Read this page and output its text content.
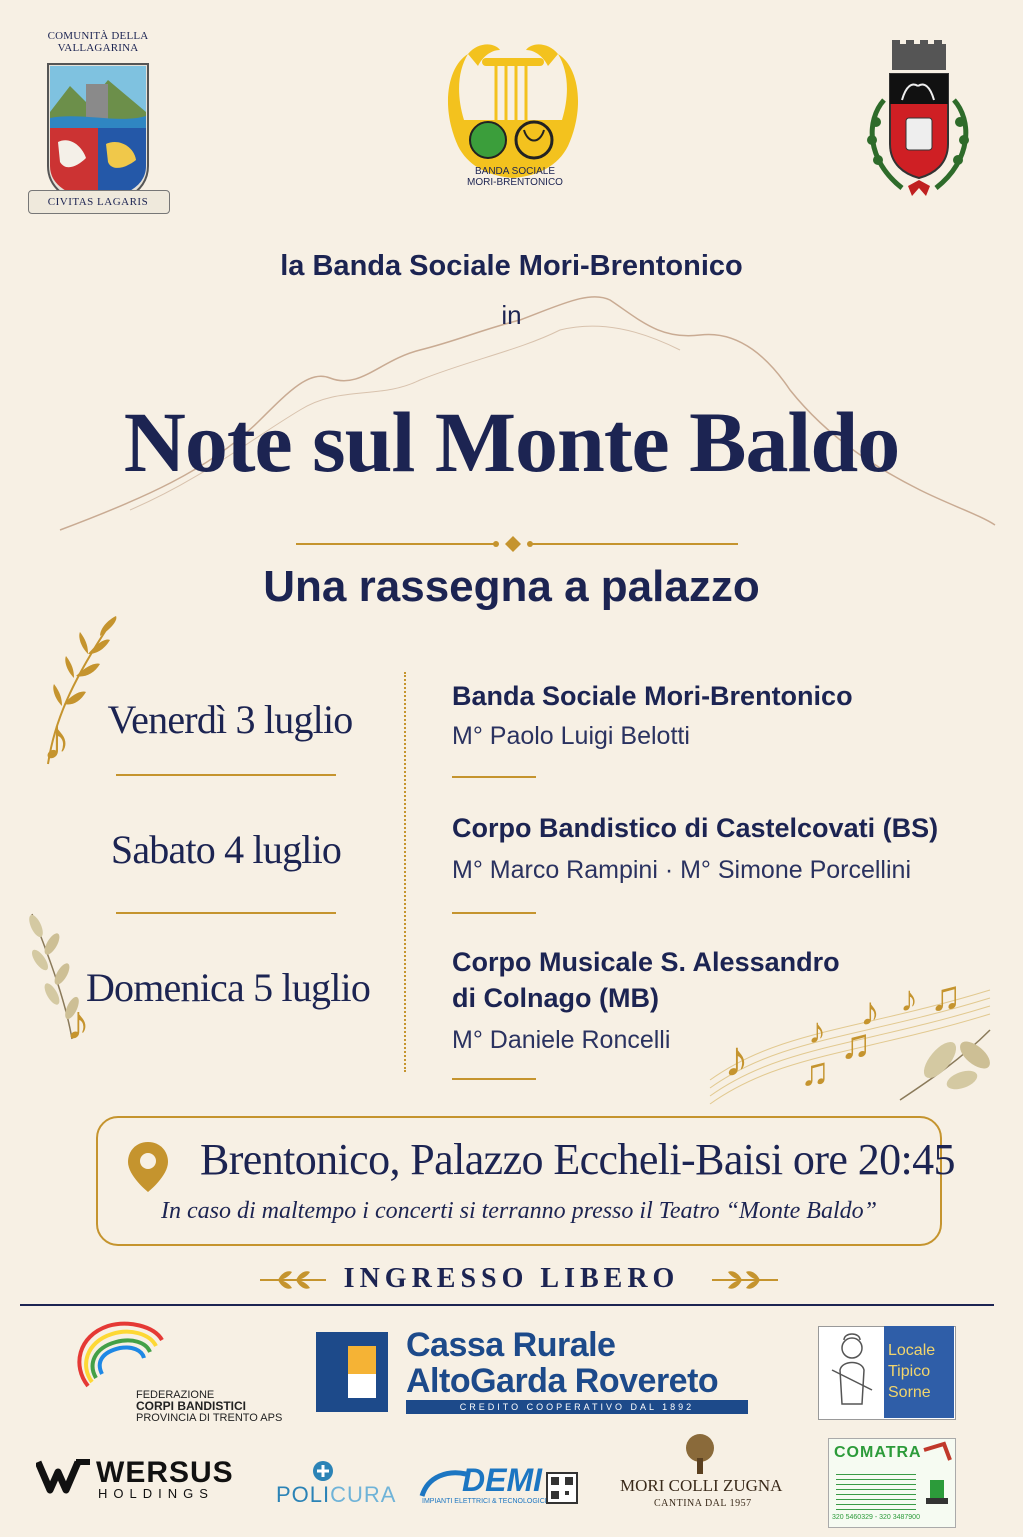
♪
♪
♪ ♫
♪ ♫
♪ ♪ ♫
COMUNITÀ DELLA VALLAGARINA
CIVITAS LAGARIS
BANDA SOCIALE
MORI-BRENTONICO
la Banda Sociale Mori-Brentonico
in
Note sul Monte Baldo
Una rassegna a palazzo
Venerdì 3 luglio
Banda Sociale Mori-Brentonico
M° Paolo Luigi Belotti
Sabato 4 luglio	Corpo Bandistico di Castelcovati (BS)
M° Marco Rampini · M° Simone Porcellini
Domenica 5 luglio
Corpo Musicale S. Alessandro
di Colnago (MB)
M° Daniele Roncelli
Brentonico, Palazzo Eccheli-Baisi ore 20:45
In caso di maltempo i concerti si terranno presso il Teatro “Monte Baldo”
INGRESSO LIBERO
FEDERAZIONE
CORPI BANDISTICI
PROVINCIA DI TRENTO APS
Cassa Rurale
AltoGarda Rovereto
CREDITO COOPERATIVO DAL 1892
Locale
Tipico
Sorne
WERSUS
HOLDINGS	POLICURA DEMI
IMPIANTI ELETTRICI & TECNOLOGICI
MORI COLLI ZUGNA
CANTINA DAL 1957
COMATRA
320 5460329 - 320 3487900
